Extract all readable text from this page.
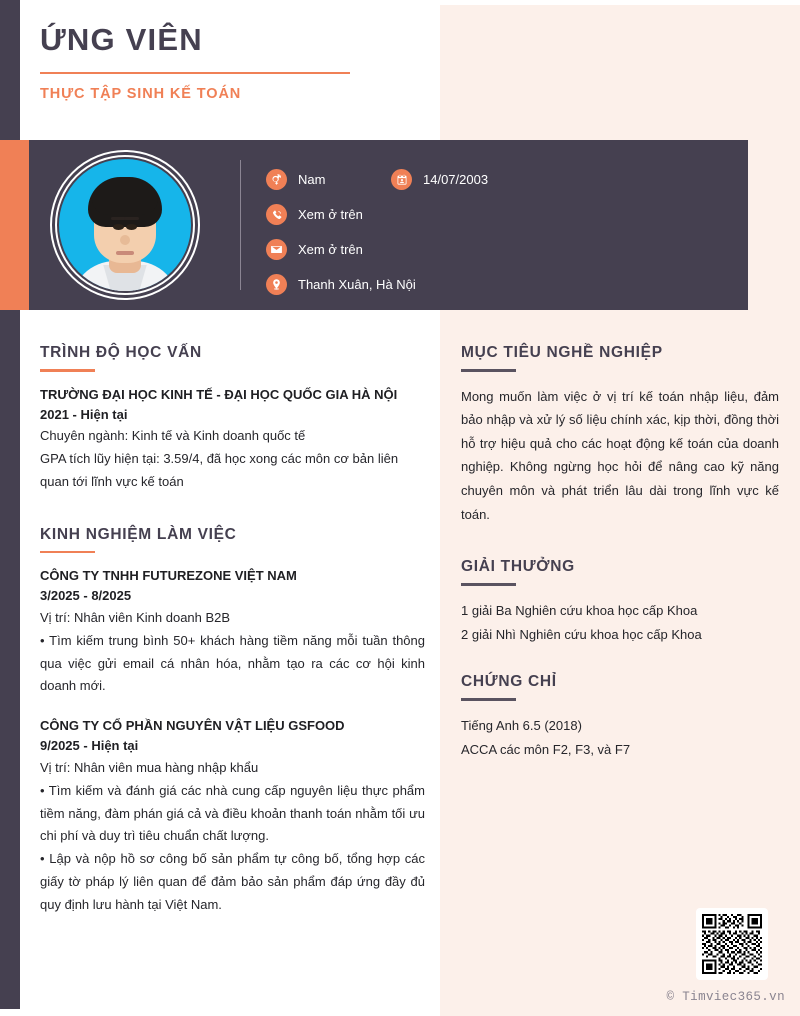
ỨNG VIÊN
THỰC TẬP SINH KẾ TOÁN
Nam	14/07/2003
Xem ở trên
Xem ở trên
Thanh Xuân, Hà Nội
TRÌNH ĐỘ HỌC VẤN
TRƯỜNG ĐẠI HỌC KINH TẾ - ĐẠI HỌC QUỐC GIA HÀ NỘI
2021 - Hiện tại
Chuyên ngành: Kinh tế và Kinh doanh quốc tế
GPA tích lũy hiện tại: 3.59/4, đã học xong các môn cơ bản liên quan tới lĩnh vực kế toán
KINH NGHIỆM LÀM VIỆC
CÔNG TY TNHH FUTUREZONE VIỆT NAM
3/2025 - 8/2025
Vị trí: Nhân viên Kinh doanh B2B
• Tìm kiếm trung bình 50+ khách hàng tiềm năng mỗi tuần thông qua việc gửi email cá nhân hóa, nhằm tạo ra các cơ hội kinh doanh mới.
CÔNG TY CỔ PHẦN NGUYÊN VẬT LIỆU GSFOOD
9/2025 - Hiện tại
Vị trí: Nhân viên mua hàng nhập khẩu
• Tìm kiếm và đánh giá các nhà cung cấp nguyên liệu thực phẩm tiềm năng, đàm phán giá cả và điều khoản thanh toán nhằm tối ưu chi phí và duy trì tiêu chuẩn chất lượng.
• Lập và nộp hồ sơ công bố sản phẩm tự công bố, tổng hợp các giấy tờ pháp lý liên quan để đảm bảo sản phẩm đáp ứng đầy đủ quy định lưu hành tại Việt Nam.
MỤC TIÊU NGHỀ NGHIỆP
Mong muốn làm việc ở vị trí kế toán nhập liệu, đảm bảo nhập và xử lý số liệu chính xác, kịp thời, đồng thời hỗ trợ hiệu quả cho các hoạt động kế toán của doanh nghiệp. Không ngừng học hỏi để nâng cao kỹ năng chuyên môn và phát triển lâu dài trong lĩnh vực kế toán.
GIẢI THƯỞNG
1 giải Ba Nghiên cứu khoa học cấp Khoa
2 giải Nhì Nghiên cứu khoa học cấp Khoa
CHỨNG CHỈ
Tiếng Anh 6.5 (2018)
ACCA các môn F2, F3, và F7
© Timviec365.vn
